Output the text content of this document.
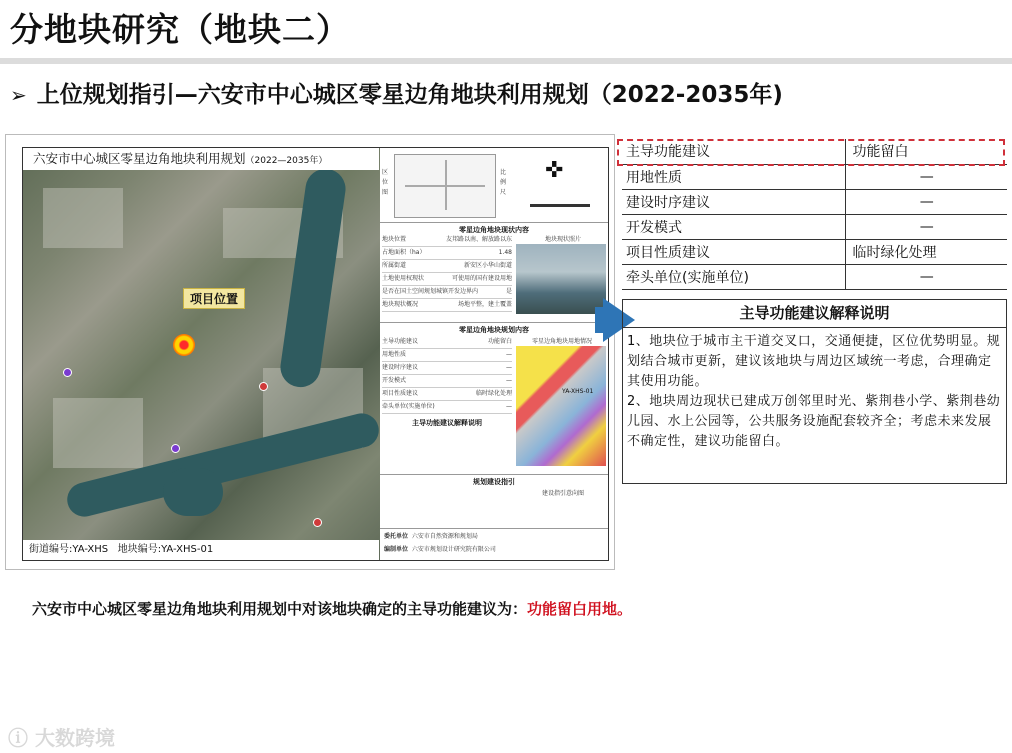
分地块研究（地块二）
➢ 上位规划指引—六安市中心城区零星边角地块利用规划（2022-2035年)
六安市中心城区零星边角地块利用规划（2022—2035年）
项目位置
街道编号:YA-XHS 地块编号:YA-XHS-01
区位图
比例尺
✜
零星边角地块现状内容
地块位置	友邦路以南、解放路以东
占地面积（ha）	1.48
所属街道	新安区小华山街道
土地使用权现状	可使用的国有建设用地
是否在国土空间规划城镇开发边界内	是
地块现状概况	场地平整，建土覆盖
地块现状照片
零星边角地块规划内容
零星边角地块用地情况
YA-XHS-01
主导功能建议	功能留白
用地性质	—
建设时序建议	—
开发模式	—
项目性质建议	临时绿化处理
牵头单位(实施单位)	—
主导功能建议解释说明
规划建设指引
建设指引意向图
委托单位 六安市自然资源和规划局
编制单位 六安市规划设计研究院有限公司
主导功能建议	功能留白
用地性质	—
建设时序建议	—
开发模式	—
项目性质建议	临时绿化处理
牵头单位(实施单位)	—
主导功能建议解释说明
1、地块位于城市主干道交叉口，交通便捷，区位优势明显。规划结合城市更新，建议该地块与周边区域统一考虑，合理确定其使用功能。
2、地块周边现状已建成万创邻里时光、紫荆巷小学、紫荆巷幼儿园、水上公园等，公共服务设施配套较齐全；考虑未来发展不确定性，建议功能留白。
六安市中心城区零星边角地块利用规划中对该地块确定的主导功能建议为：功能留白用地。
ⓘ 大数跨境
